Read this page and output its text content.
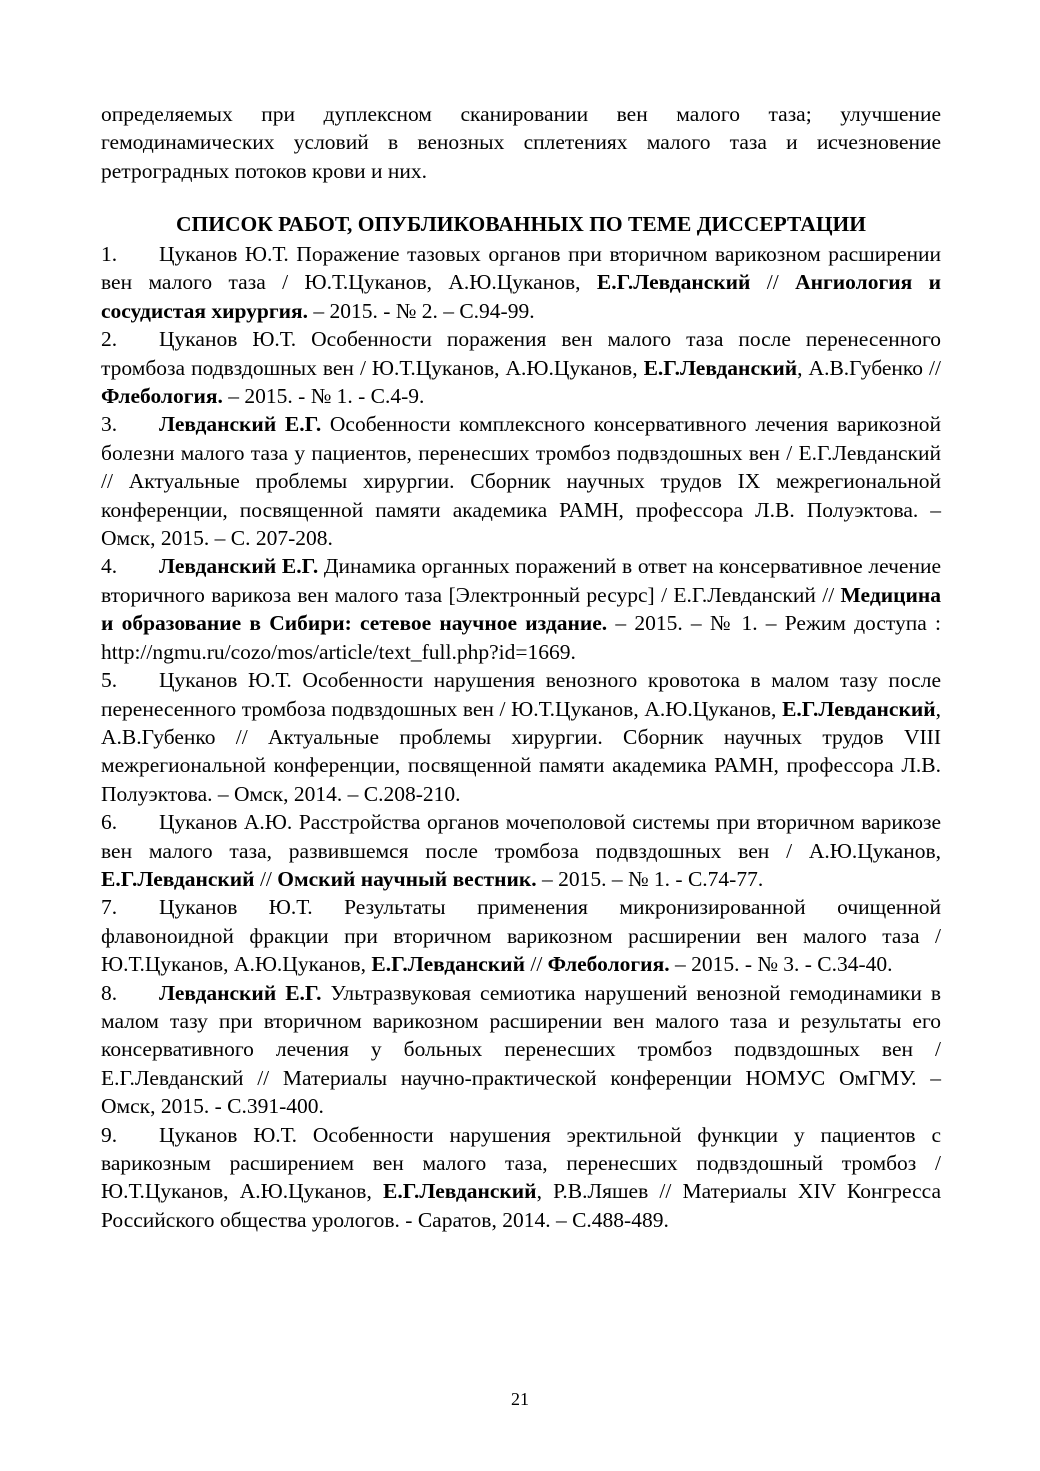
определяемых при дуплексном сканировании вен малого таза; улучшение гемодинамических условий в венозных сплетениях малого таза и исчезновение ретроградных потоков крови и них.

СПИСОК РАБОТ, ОПУБЛИКОВАННЫХ ПО ТЕМЕ ДИССЕРТАЦИИ
1. Цуканов Ю.Т. Поражение тазовых органов при вторичном варикозном расширении вен малого таза / Ю.Т.Цуканов, А.Ю.Цуканов, Е.Г.Левданский // Ангиология и сосудистая хирургия. – 2015. - № 2. – С.94-99.
2. Цуканов Ю.Т. Особенности поражения вен малого таза после перенесенного тромбоза подвздошных вен / Ю.Т.Цуканов, А.Ю.Цуканов, Е.Г.Левданский, А.В.Губенко // Флебология. – 2015. - № 1. - С.4-9.
3. Левданский Е.Г. Особенности комплексного консервативного лечения варикозной болезни малого таза у пациентов, перенесших тромбоз подвздошных вен / Е.Г.Левданский // Актуальные проблемы хирургии. Сборник научных трудов IX межрегиональной конференции, посвященной памяти академика РАМН, профессора Л.В. Полуэктова. – Омск, 2015. – С. 207-208.
4. Левданский Е.Г. Динамика органных поражений в ответ на консервативное лечение вторичного варикоза вен малого таза [Электронный ресурс] / Е.Г.Левданский // Медицина и образование в Сибири: сетевое научное издание. – 2015. – № 1. – Режим доступа : http://ngmu.ru/cozo/mos/article/text_full.php?id=1669.
5. Цуканов Ю.Т. Особенности нарушения венозного кровотока в малом тазу после перенесенного тромбоза подвздошных вен / Ю.Т.Цуканов, А.Ю.Цуканов, Е.Г.Левданский, А.В.Губенко // Актуальные проблемы хирургии. Сборник научных трудов VIII межрегиональной конференции, посвященной памяти академика РАМН, профессора Л.В. Полуэктова. – Омск, 2014. – С.208-210.
6. Цуканов А.Ю. Расстройства органов мочеполовой системы при вторичном варикозе вен малого таза, развившемся после тромбоза подвздошных вен / А.Ю.Цуканов, Е.Г.Левданский // Омский научный вестник. – 2015. – № 1. - С.74-77.
7. Цуканов Ю.Т. Результаты применения микронизированной очищенной флавоноидной фракции при вторичном варикозном расширении вен малого таза / Ю.Т.Цуканов, А.Ю.Цуканов, Е.Г.Левданский // Флебология. – 2015. - № 3. - С.34-40.
8. Левданский Е.Г. Ультразвуковая семиотика нарушений венозной гемодинамики в малом тазу при вторичном варикозном расширении вен малого таза и результаты его консервативного лечения у больных перенесших тромбоз подвздошных вен / Е.Г.Левданский // Материалы научно-практической конференции НОМУС ОмГМУ. – Омск, 2015. - С.391-400.
9. Цуканов Ю.Т. Особенности нарушения эректильной функции у пациентов с варикозным расширением вен малого таза, перенесших подвздошный тромбоз / Ю.Т.Цуканов, А.Ю.Цуканов, Е.Г.Левданский, Р.В.Ляшев // Материалы XIV Конгресса Российского общества урологов. - Саратов, 2014. – С.488-489.
21
